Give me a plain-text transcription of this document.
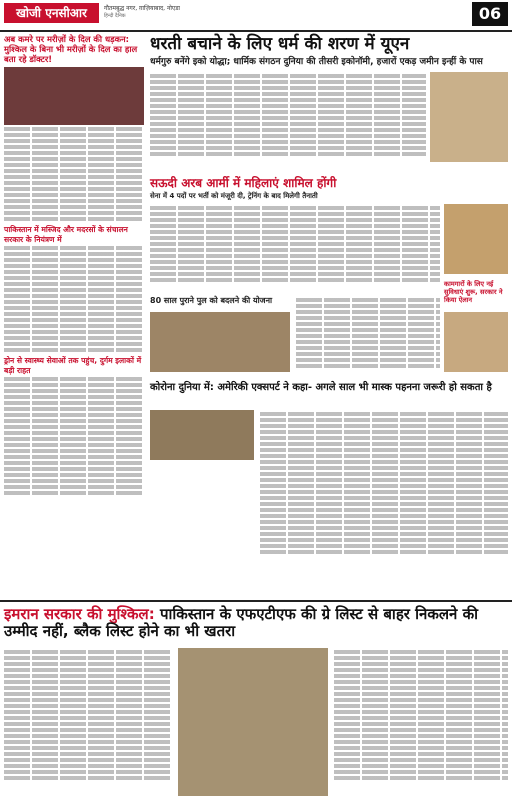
खोजी एनसीआर	गौतमबुद्ध नगर, ग़ाज़ियाबाद, नोएडा
हिन्दी दैनिक	06
अब कमरे पर मरीज़ों के दिल की धड़कन: मुश्किल के बिना भी मरीज़ों के दिल का हाल बता रहे डॉक्टर!
पाकिस्तान में मस्जिद और मदरसों के संचालन सरकार के नियंत्रण में
ड्रोन से स्वास्थ्य सेवाओं तक पहुंच, दुर्गम इलाकों में बड़ी राहत
धरती बचाने के लिए धर्म की शरण में यूएन
धर्मगुरु बनेंगे इको योद्धा; धार्मिक संगठन दुनिया की तीसरी इकोनॉमी, हजारों एकड़ जमीन इन्हीं के पास
सऊदी अरब आर्मी में महिलाएं शामिल होंगी
सेना में 4 पदों पर भर्ती को मंजूरी दी, ट्रेनिंग के बाद मिलेगी तैनाती
80 साल पुराने पुल को बदलने की योजना
कामगारों के लिए नई सुविधाएं शुरू, सरकार ने किया ऐलान
कोरोना दुनिया में: अमेरिकी एक्सपर्ट ने कहा- अगले साल भी मास्क पहनना जरूरी हो सकता है
इमरान सरकार की मुश्किल: पाकिस्तान के एफएटीएफ की ग्रे लिस्ट से बाहर निकलने की उम्मीद नहीं, ब्लैक लिस्ट होने का भी खतरा
